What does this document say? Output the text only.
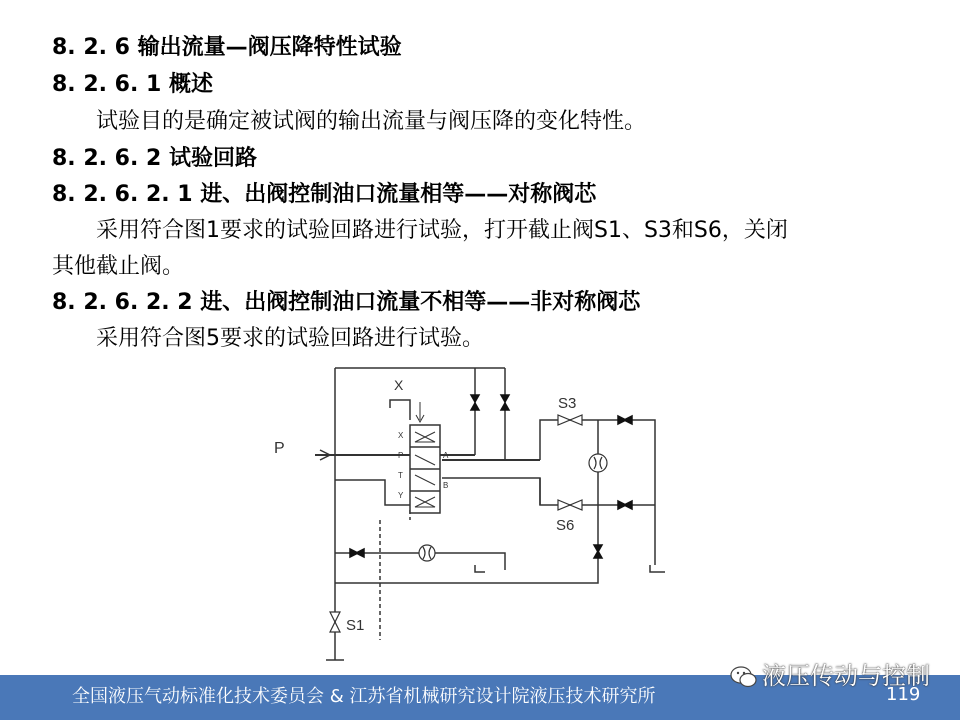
8. 2. 6 输出流量—阀压降特性试验
8. 2. 6. 1 概述
试验目的是确定被试阀的输出流量与阀压降的变化特性。
8. 2. 6. 2 试验回路
8. 2. 6. 2. 1 进、出阀控制油口流量相等——对称阀芯
采用符合图1要求的试验回路进行试验，打开截止阀S1、S3和S6，关闭
其他截止阀。
8. 2. 6. 2. 2 进、出阀控制油口流量不相等——非对称阀芯
采用符合图5要求的试验回路进行试验。
P
X
S3
S6
S1
X
P
T
Y
A
B
全国液压气动标准化技术委员会 & 江苏省机械研究设计院液压技术研究所
液压传动与控制
119
